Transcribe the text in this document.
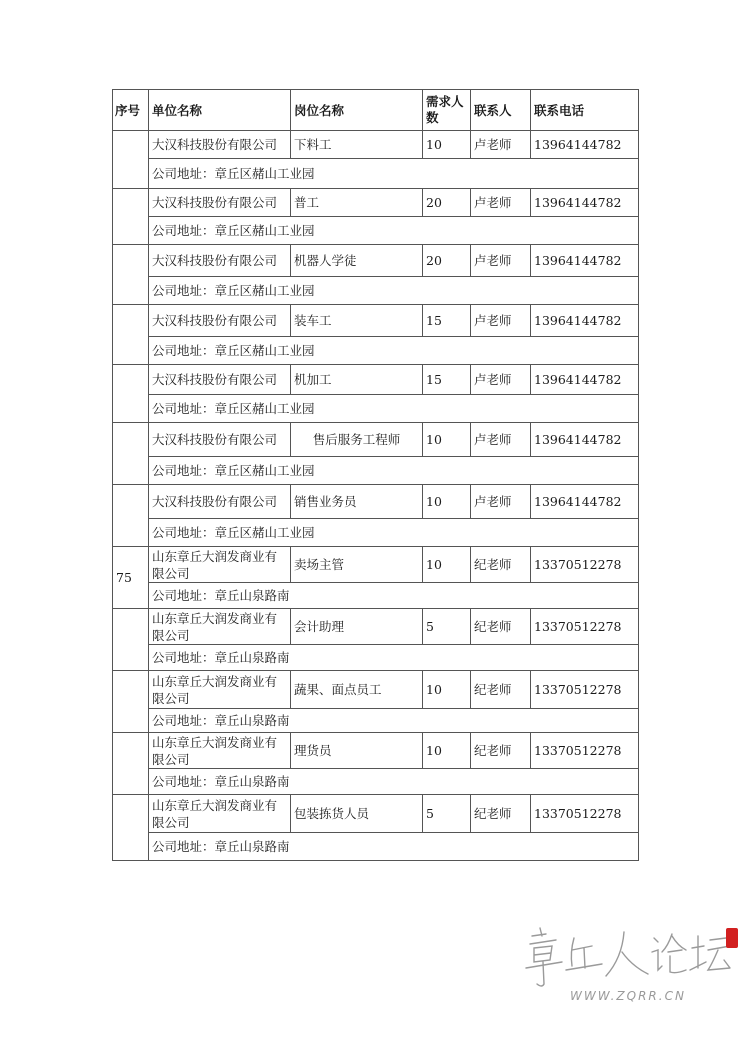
序号	单位名称	岗位名称	需求人数	联系人	联系电话
	大汉科技股份有限公司	下料工	10	卢老师	13964144782
	公司地址：章丘区赭山工业园				
	大汉科技股份有限公司	普工	20	卢老师	13964144782
	公司地址：章丘区赭山工业园				
	大汉科技股份有限公司	机器人学徒	20	卢老师	13964144782
	公司地址：章丘区赭山工业园				
	大汉科技股份有限公司	装车工	15	卢老师	13964144782
	公司地址：章丘区赭山工业园				
	大汉科技股份有限公司	机加工	15	卢老师	13964144782
	公司地址：章丘区赭山工业园				
	大汉科技股份有限公司	售后服务工程师	10	卢老师	13964144782
	公司地址：章丘区赭山工业园				
	大汉科技股份有限公司	销售业务员	10	卢老师	13964144782
	公司地址：章丘区赭山工业园				
75	山东章丘大润发商业有限公司	卖场主管	10	纪老师	13370512278
	公司地址：章丘山泉路南				
	山东章丘大润发商业有限公司	会计助理	5	纪老师	13370512278
	公司地址：章丘山泉路南				
	山东章丘大润发商业有限公司	蔬果、面点员工	10	纪老师	13370512278
	公司地址：章丘山泉路南				
	山东章丘大润发商业有限公司	理货员	10	纪老师	13370512278
	公司地址：章丘山泉路南				
	山东章丘大润发商业有限公司	包装拣货人员	5	纪老师	13370512278
	公司地址：章丘山泉路南				
WWW.ZQRR.CN
章丘人论坛
